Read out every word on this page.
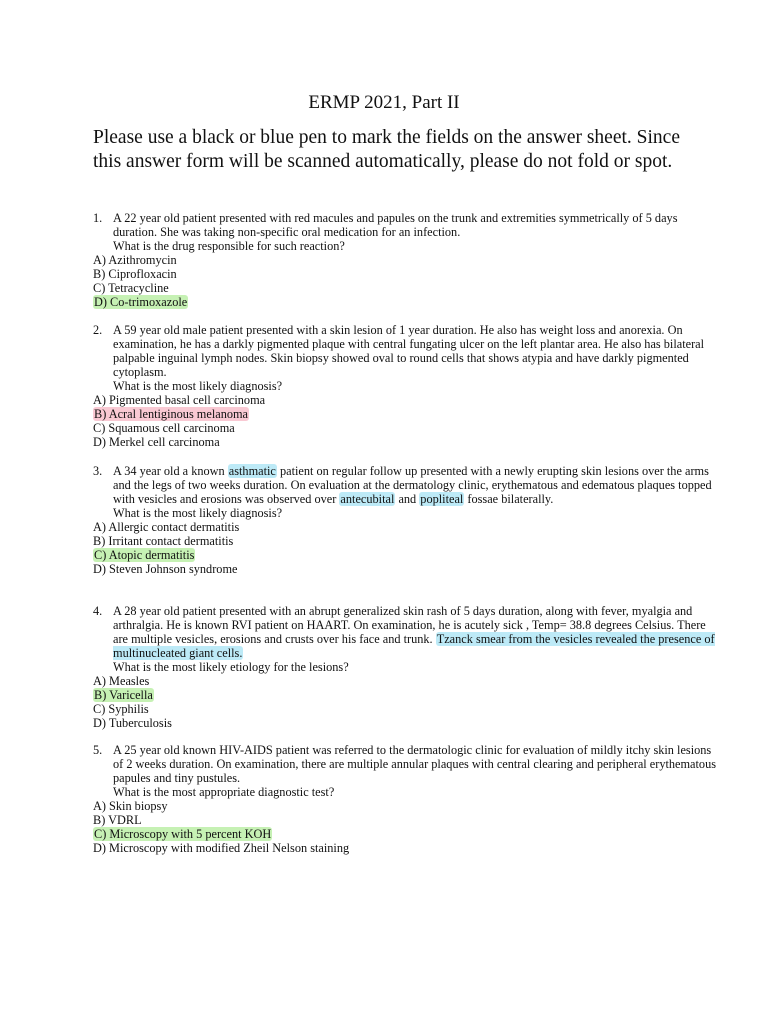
ERMP 2021, Part II
Please use a black or blue pen to mark the fields on the answer sheet. Since this answer form will be scanned automatically, please do not fold or spot.
1. A 22 year old patient presented with red macules and papules on the trunk and extremities symmetrically of 5 days duration. She was taking non-specific oral medication for an infection.
What is the drug responsible for such reaction?
A) Azithromycin
B) Ciprofloxacin
C) Tetracycline
D) Co-trimoxazole
2. A 59 year old male patient presented with a skin lesion of 1 year duration. He also has weight loss and anorexia. On examination, he has a darkly pigmented plaque with central fungating ulcer on the left plantar area. He also has bilateral palpable inguinal lymph nodes. Skin biopsy showed oval to round cells that shows atypia and have darkly pigmented cytoplasm.
What is the most likely diagnosis?
A) Pigmented basal cell carcinoma
B) Acral lentiginous melanoma
C) Squamous cell carcinoma
D) Merkel cell carcinoma
3. A 34 year old a known asthmatic patient on regular follow up presented with a newly erupting skin lesions over the arms and the legs of two weeks duration. On evaluation at the dermatology clinic, erythematous and edematous plaques topped with vesicles and erosions was observed over antecubital and popliteal fossae bilaterally.
What is the most likely diagnosis?
A) Allergic contact dermatitis
B) Irritant contact dermatitis
C) Atopic dermatitis
D) Steven Johnson syndrome
4. A 28 year old patient presented with an abrupt generalized skin rash of 5 days duration, along with fever, myalgia and arthralgia. He is known RVI patient on HAART. On examination, he is acutely sick , Temp= 38.8 degrees Celsius. There are multiple vesicles, erosions and crusts over his face and trunk. Tzanck smear from the vesicles revealed the presence of multinucleated giant cells.
What is the most likely etiology for the lesions?
A) Measles
B) Varicella
C) Syphilis
D) Tuberculosis
5. A 25 year old known HIV-AIDS patient was referred to the dermatologic clinic for evaluation of mildly itchy skin lesions of 2 weeks duration. On examination, there are multiple annular plaques with central clearing and peripheral erythematous papules and tiny pustules.
What is the most appropriate diagnostic test?
A) Skin biopsy
B) VDRL
C) Microscopy with 5 percent KOH
D) Microscopy with modified Zheil Nelson staining
